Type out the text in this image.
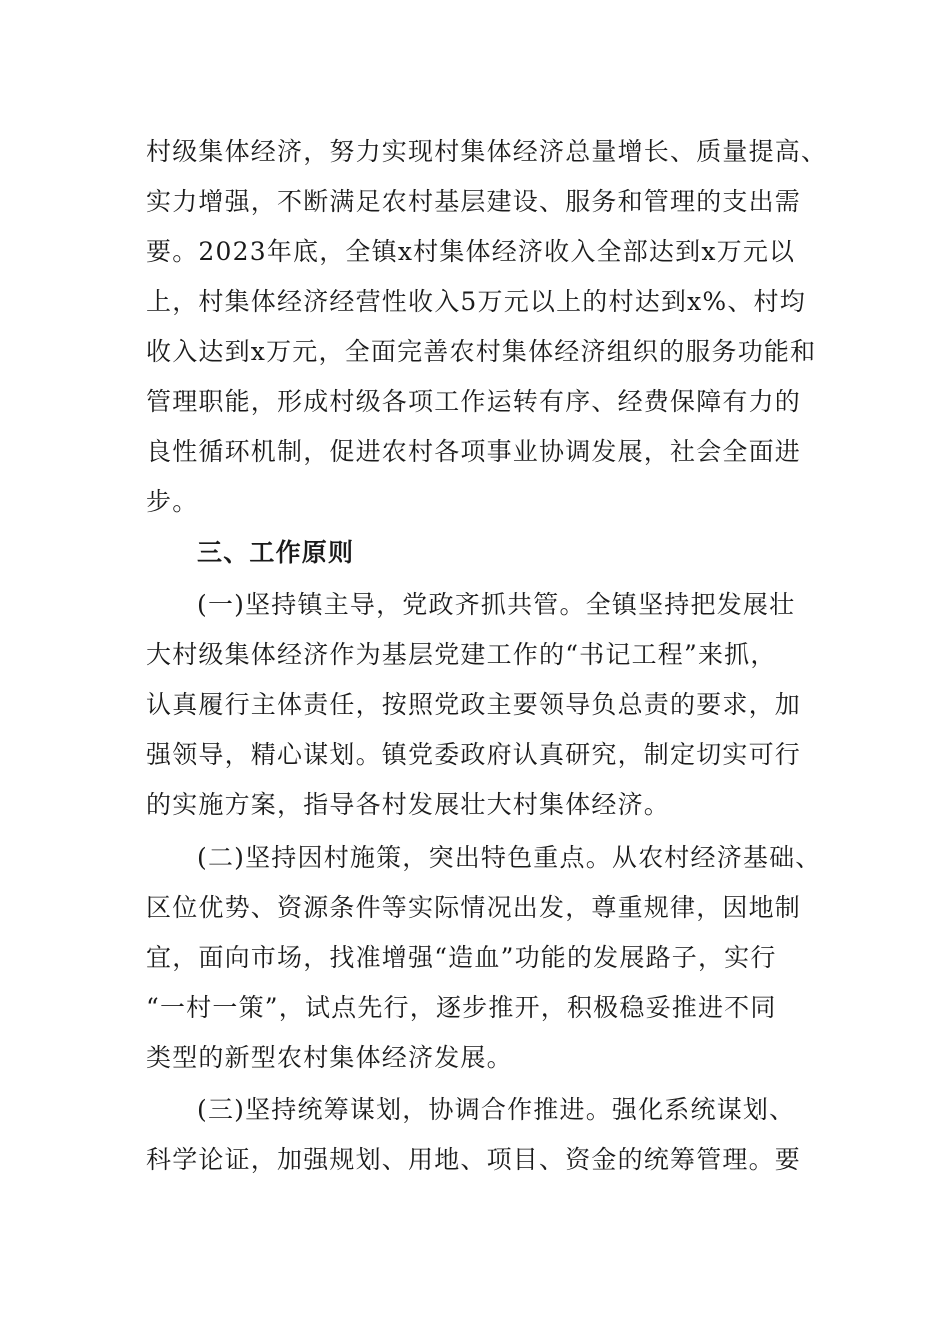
村级集体经济，努力实现村集体经济总量增长、质量提高、
实力增强，不断满足农村基层建设、服务和管理的支出需
要。2023年底，全镇x村集体经济收入全部达到x万元以
上，村集体经济经营性收入5万元以上的村达到x%、村均
收入达到x万元，全面完善农村集体经济组织的服务功能和
管理职能，形成村级各项工作运转有序、经费保障有力的
良性循环机制，促进农村各项事业协调发展，社会全面进
步。
三、工作原则
(一)坚持镇主导，党政齐抓共管。全镇坚持把发展壮
大村级集体经济作为基层党建工作的“书记工程”来抓，
认真履行主体责任，按照党政主要领导负总责的要求，加
强领导，精心谋划。镇党委政府认真研究，制定切实可行
的实施方案，指导各村发展壮大村集体经济。
(二)坚持因村施策，突出特色重点。从农村经济基础、
区位优势、资源条件等实际情况出发，尊重规律，因地制
宜，面向市场，找准增强“造血”功能的发展路子，实行
“一村一策”，试点先行，逐步推开，积极稳妥推进不同
类型的新型农村集体经济发展。
(三)坚持统筹谋划，协调合作推进。强化系统谋划、
科学论证，加强规划、用地、项目、资金的统筹管理。要
